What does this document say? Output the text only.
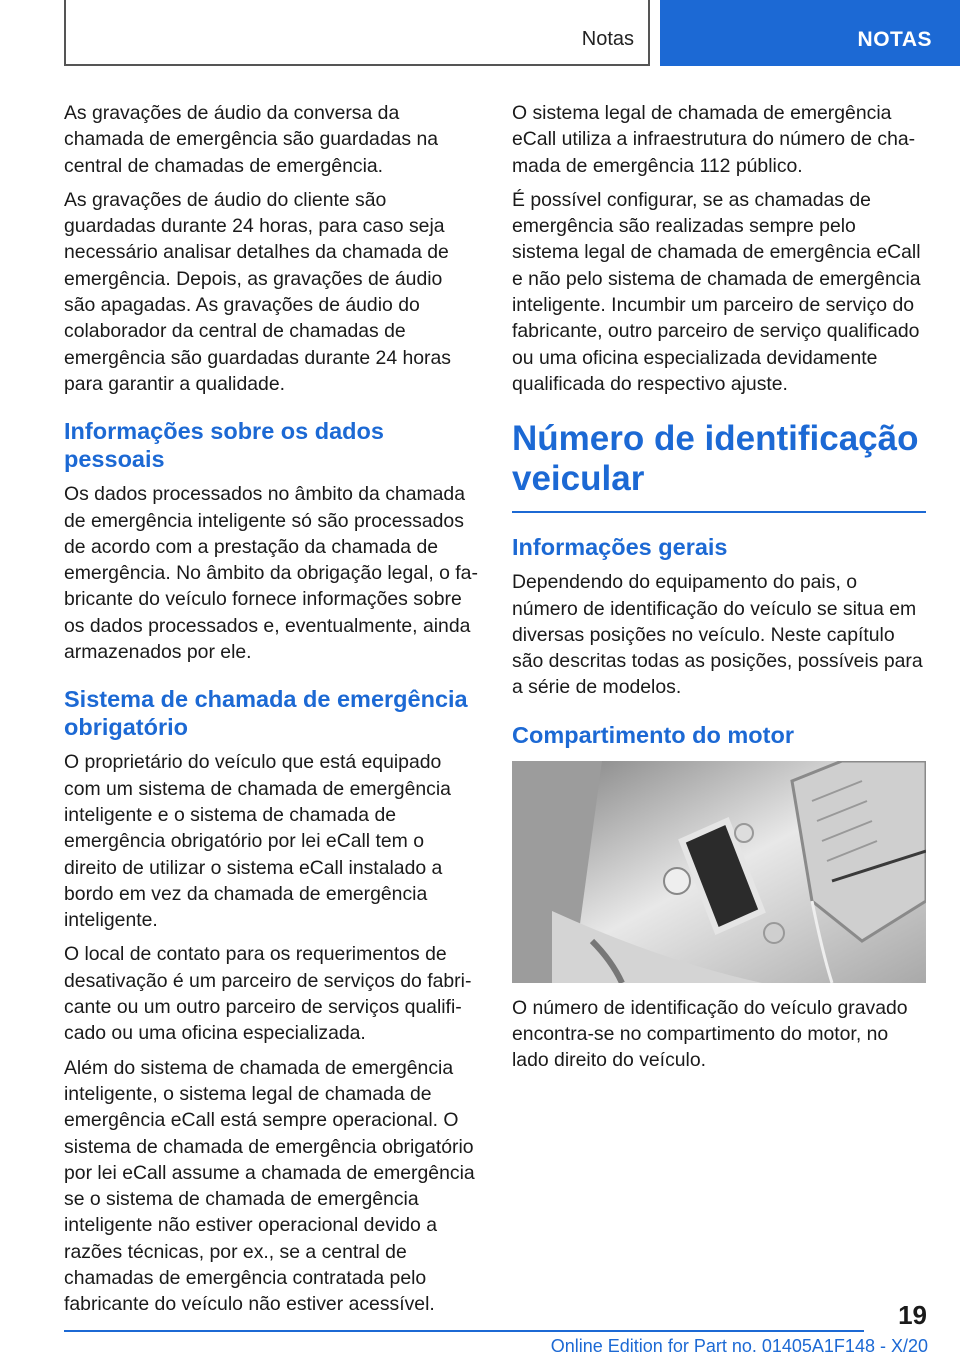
Notas	NOTAS

As gravações de áudio da conversa da chamada de emergência são guardadas na central de chamadas de emergência.

As gravações de áudio do cliente são guardadas durante 24 horas, para caso seja necessário analisar detalhes da chamada de emergência. Depois, as gravações de áudio são apagadas. As gravações de áudio do colaborador da central de chamadas de emergência são guardadas durante 24 horas para garantir a qualidade.

Informações sobre os dados pessoais

Os dados processados no âmbito da chamada de emergência inteligente só são processados de acordo com a prestação da chamada de emergência. No âmbito da obrigação legal, o fabricante do veículo fornece informações sobre os dados processados e, eventualmente, ainda armazenados por ele.

Sistema de chamada de emergência obrigatório

O proprietário do veículo que está equipado com um sistema de chamada de emergência inteligente e o sistema de chamada de emergência obrigatório por lei eCall tem o direito de utilizar o sistema eCall instalado a bordo em vez da chamada de emergência inteligente.

O local de contato para os requerimentos de desativação é um parceiro de serviços do fabricante ou um outro parceiro de serviços qualificado ou uma oficina especializada.

Além do sistema de chamada de emergência inteligente, o sistema legal de chamada de emergência eCall está sempre operacional. O sistema de chamada de emergência obrigatório por lei eCall assume a chamada de emergência se o sistema de chamada de emergência inteligente não estiver operacional devido a razões técnicas, por ex., se a central de chamadas de emergência contratada pelo fabricante do veículo não estiver acessível.

O sistema legal de chamada de emergência eCall utiliza a infraestrutura do número de chamada de emergência 112 público.

É possível configurar, se as chamadas de emergência são realizadas sempre pelo sistema legal de chamada de emergência eCall e não pelo sistema de chamada de emergência inteligente. Incumbir um parceiro de serviço do fabricante, outro parceiro de serviço qualificado ou uma oficina especializada devidamente qualificada do respectivo ajuste.

Número de identificação veicular
Informações gerais

Dependendo do equipamento do pais, o número de identificação do veículo se situa em diversas posições no veículo. Neste capítulo são descritas todas as posições, possíveis para a série de modelos.

Compartimento do motor

O número de identificação do veículo gravado encontra-se no compartimento do motor, no lado direito do veículo.

19
Online Edition for Part no. 01405A1F148 - X/20
